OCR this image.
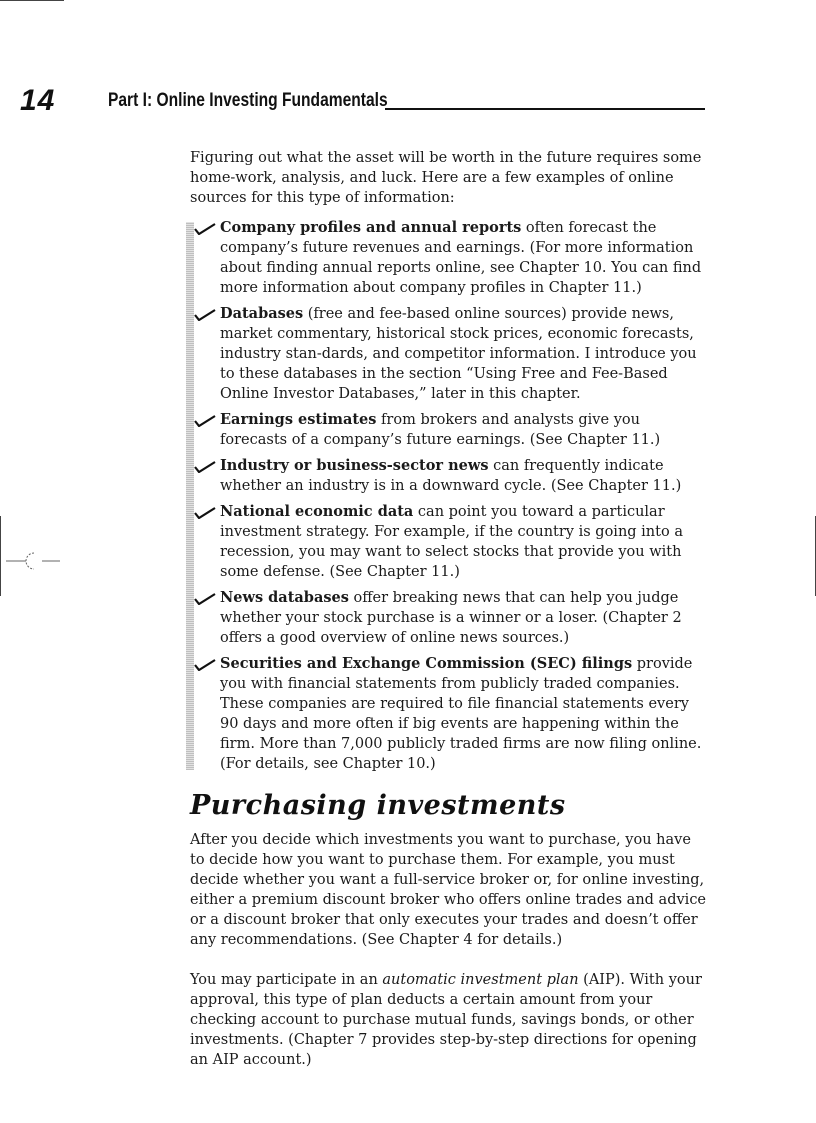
14	Part I: Online Investing Fundamentals

Figuring out what the asset will be worth in the future requires some home-work, analysis, and luck. Here are a few examples of online sources for this type of information:

Company profiles and annual reports often forecast the company’s future revenues and earnings. (For more information about finding annual reports online, see Chapter 10. You can find more information about company profiles in Chapter 11.)
Databases (free and fee-based online sources) provide news, market commentary, historical stock prices, economic forecasts, industry stan-dards, and competitor information. I introduce you to these databases in the section “Using Free and Fee-Based Online Investor Databases,” later in this chapter.
Earnings estimates from brokers and analysts give you forecasts of a company’s future earnings. (See Chapter 11.)
Industry or business-sector news can frequently indicate whether an industry is in a downward cycle. (See Chapter 11.)
National economic data can point you toward a particular investment strategy. For example, if the country is going into a recession, you may want to select stocks that provide you with some defense. (See Chapter 11.)
News databases offer breaking news that can help you judge whether your stock purchase is a winner or a loser. (Chapter 2 offers a good overview of online news sources.)
Securities and Exchange Commission (SEC) filings provide you with financial statements from publicly traded companies. These companies are required to file financial statements every 90 days and more often if big events are happening within the firm. More than 7,000 publicly traded firms are now filing online. (For details, see Chapter 10.)
Purchasing investments

After you decide which investments you want to purchase, you have to decide how you want to purchase them. For example, you must decide whether you want a full-service broker or, for online investing, either a premium discount broker who offers online trades and advice or a discount broker that only executes your trades and doesn’t offer any recommendations. (See Chapter 4 for details.)

You may participate in an automatic investment plan (AIP). With your approval, this type of plan deducts a certain amount from your checking account to purchase mutual funds, savings bonds, or other investments. (Chapter 7 provides step-by-step directions for opening an AIP account.)
